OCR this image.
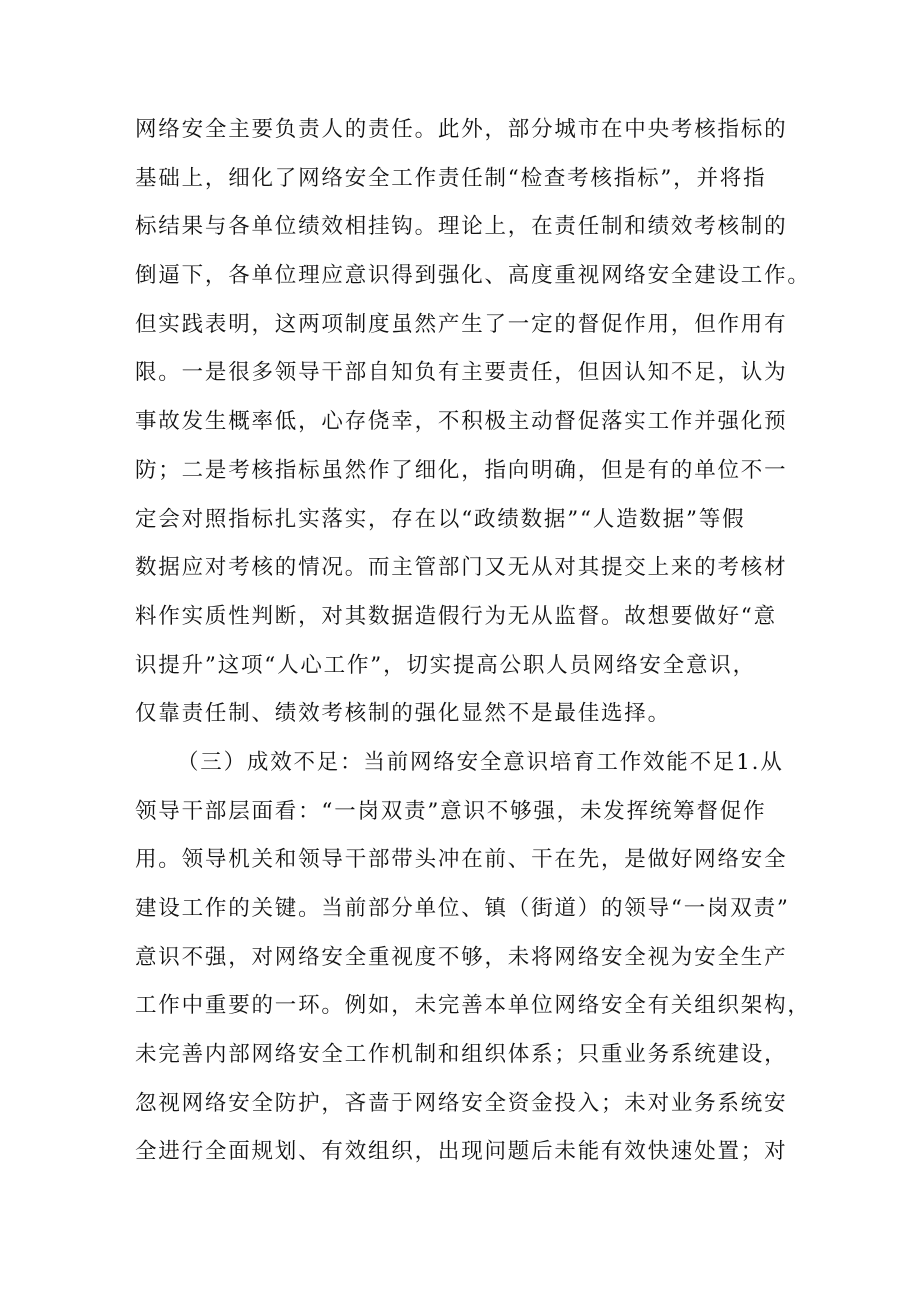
网络安全主要负责人的责任。此外，部分城市在中央考核指标的
基础上，细化了网络安全工作责任制“检查考核指标”，并将指
标结果与各单位绩效相挂钩。理论上，在责任制和绩效考核制的
倒逼下，各单位理应意识得到强化、高度重视网络安全建设工作。
但实践表明，这两项制度虽然产生了一定的督促作用，但作用有
限。一是很多领导干部自知负有主要责任，但因认知不足，认为
事故发生概率低，心存侥幸，不积极主动督促落实工作并强化预
防；二是考核指标虽然作了细化，指向明确，但是有的单位不一
定会对照指标扎实落实，存在以“政绩数据”“人造数据”等假
数据应对考核的情况。而主管部门又无从对其提交上来的考核材
料作实质性判断，对其数据造假行为无从监督。故想要做好“意
识提升”这项“人心工作”，切实提高公职人员网络安全意识，
仅靠责任制、绩效考核制的强化显然不是最佳选择。
（三）成效不足：当前网络安全意识培育工作效能不足1.从
领导干部层面看：“一岗双责”意识不够强，未发挥统筹督促作
用。领导机关和领导干部带头冲在前、干在先，是做好网络安全
建设工作的关键。当前部分单位、镇（街道）的领导“一岗双责”
意识不强，对网络安全重视度不够，未将网络安全视为安全生产
工作中重要的一环。例如，未完善本单位网络安全有关组织架构，
未完善内部网络安全工作机制和组织体系；只重业务系统建设，
忽视网络安全防护，吝啬于网络安全资金投入；未对业务系统安
全进行全面规划、有效组织，出现问题后未能有效快速处置；对
